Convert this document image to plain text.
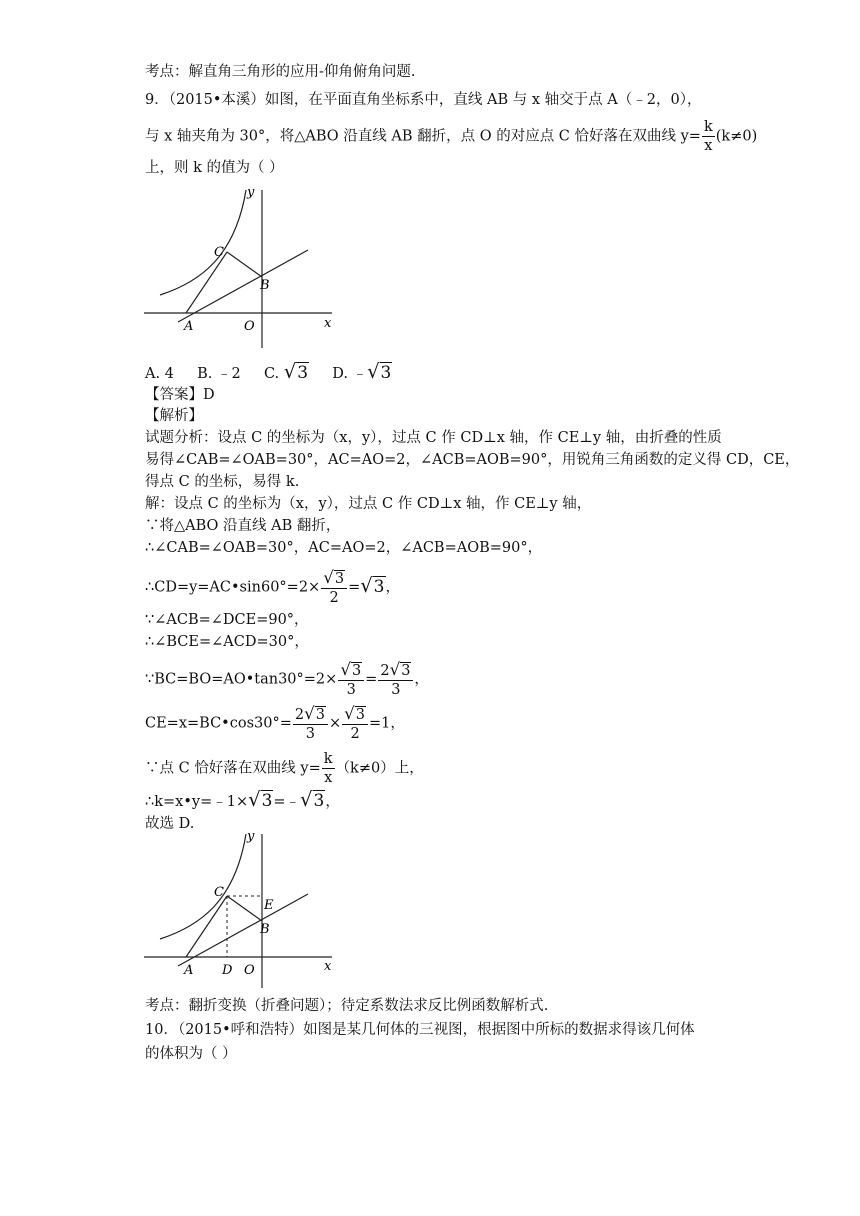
考点：解直角三角形的应用-仰角俯角问题.
9．（2015•本溪）如图，在平面直角坐标系中，直线 AB 与 x 轴交于点 A（﹣2，0），
与 x 轴夹角为 30°，将△ABO 沿直线 AB 翻折，点 O 的对应点 C 恰好落在双曲线 $y= \frac{k}{x} (k\ne 0)$
上，则 k 的值为（ ）
y
C
B
A	O	x
A. 4 B. ﹣2 C. √3 D. ﹣√3
【答案】D
【解析】
试题分析：设点 C 的坐标为（x，y），过点 C 作 CD⊥x 轴，作 CE⊥y 轴，由折叠的性质
易得∠CAB=∠OAB=30°，AC=AO=2，∠ACB=AOB=90°，用锐角三角函数的定义得 CD，CE，
得点 C 的坐标，易得 k.
解：设点 C 的坐标为（x，y），过点 C 作 CD⊥x 轴，作 CE⊥y 轴，
∵将△ABO 沿直线 AB 翻折，
∴∠CAB=∠OAB=30°，AC=AO=2，∠ACB=AOB=90°，
∴CD=y=AC•sin60°=2× $\frac{√3}{2} =√3$，
∵∠ACB=∠DCE=90°，
∴∠BCE=∠ACD=30°，
∵BC=BO=AO•tan30°=2× $\frac{√3}{3} = \frac{2√3}{3}$ ，
CE=x=BC•cos30°= $\frac{2√3}{3} \times \frac{√3}{2} =1$，
∵点 C 恰好落在双曲线 $y= \frac{k}{x} (k\ne 0)$上，
∴k=x•y=﹣1×√3=﹣√3，
故选 D.
y
C
E
B
A D O	x
考点：翻折变换（折叠问题）；待定系数法求反比例函数解析式.
10．（2015•呼和浩特）如图是某几何体的三视图，根据图中所标的数据求得该几何体
的体积为（ ）
